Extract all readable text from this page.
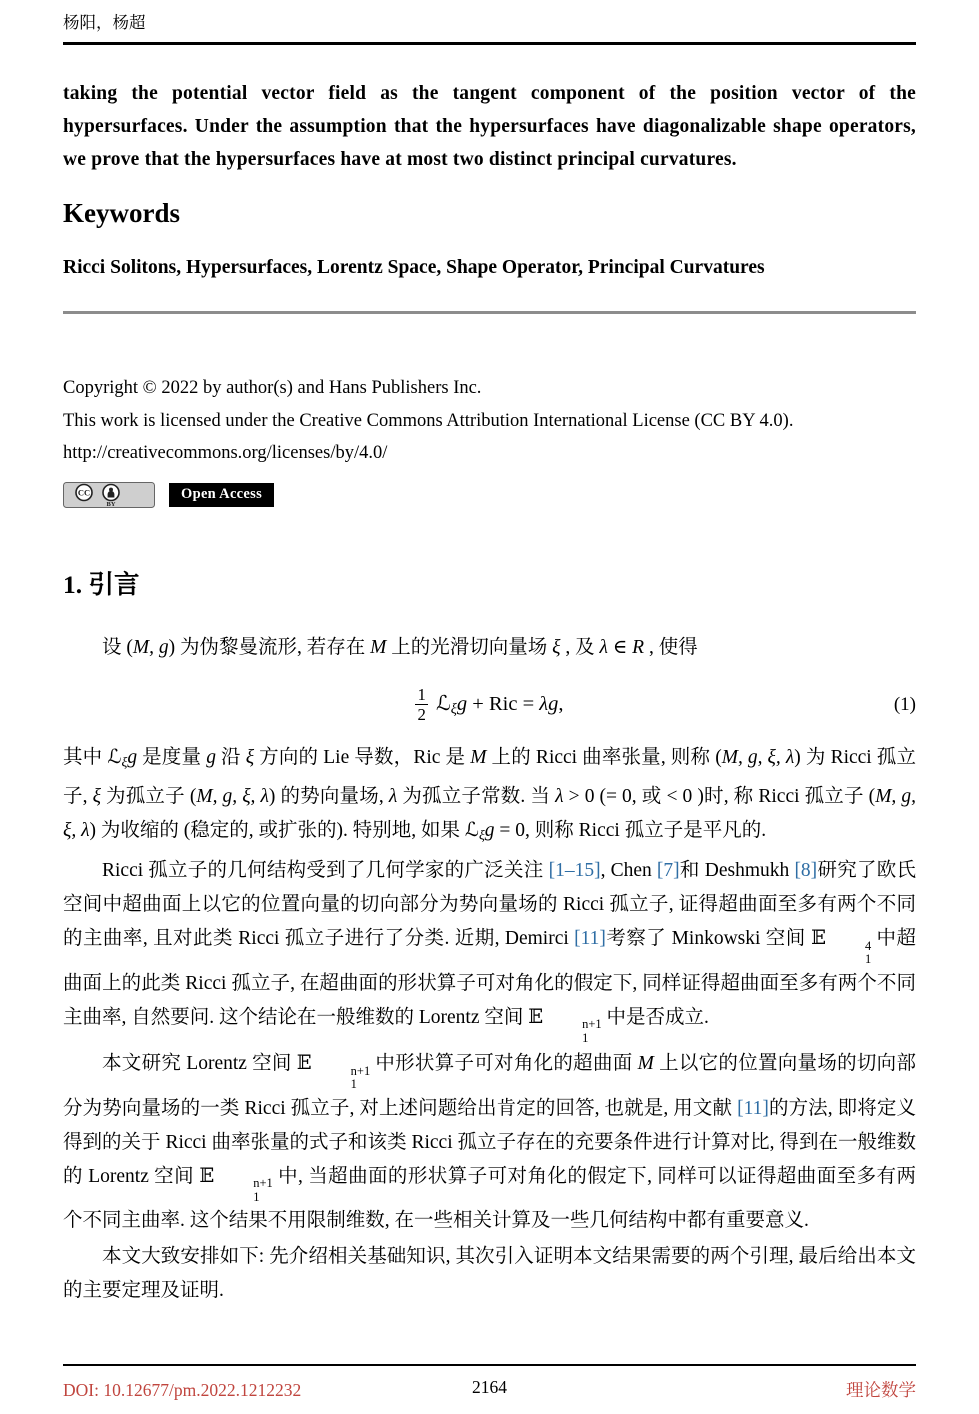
杨阳，杨超

taking the potential vector field as the tangent component of the position vector of the hypersurfaces. Under the assumption that the hypersurfaces have diagonalizable shape operators, we prove that the hypersurfaces have at most two distinct principal curvatures.

Keywords

Ricci Solitons, Hypersurfaces, Lorentz Space, Shape Operator, Principal Curvatures

Copyright © 2022 by author(s) and Hans Publishers Inc.
This work is licensed under the Creative Commons Attribution International License (CC BY 4.0).
http://creativecommons.org/licenses/by/4.0/
CC
BY
Open Access
1. 引言

设 (M, g) 为伪黎曼流形, 若存在 M 上的光滑切向量场 ξ , 及 λ ∈ R , 使得

$\frac{1}{2}$ ℒξg + Ric = λg,	(1)

其中 ℒξg 是度量 g 沿 ξ 方向的 Lie 导数，Ric 是 M 上的 Ricci 曲率张量, 则称 (M, g, ξ, λ) 为 Ricci 孤立子, ξ 为孤立子 (M, g, ξ, λ) 的势向量场, λ 为孤立子常数. 当 λ > 0 (= 0, 或 < 0 )时, 称 Ricci 孤立子 (M, g, ξ, λ) 为收缩的 (稳定的, 或扩张的). 特别地, 如果 ℒξg = 0, 则称 Ricci 孤立子是平凡的.

Ricci 孤立子的几何结构受到了几何学家的广泛关注 [1–15], Chen [7]和 Deshmukh [8]研究了欧氏空间中超曲面上以它的位置向量的切向部分为势向量场的 Ricci 孤立子, 证得超曲面至多有两个不同的主曲率, 且对此类 Ricci 孤立子进行了分类. 近期, Demirci [11]考察了 Minkowski 空间 𝔼	4
1
中超曲面上的此类 Ricci 孤立子, 在超曲面的形状算子可对角化的假定下, 同样证得超曲面至多有两个不同主曲率, 自然要问. 这个结论在一般维数的 Lorentz 空间 𝔼	n+1
1
中是否成立.

本文研究 Lorentz 空间 𝔼	n+1
1
中形状算子可对角化的超曲面 M 上以它的位置向量场的切向部分为势向量场的一类 Ricci 孤立子, 对上述问题给出肯定的回答, 也就是, 用文献 [11]的方法, 即将定义得到的关于 Ricci 曲率张量的式子和该类 Ricci 孤立子存在的充要条件进行计算对比, 得到在一般维数的 Lorentz 空间 𝔼	n+1
1
中, 当超曲面的形状算子可对角化的假定下, 同样可以证得超曲面至多有两个不同主曲率. 这个结果不用限制维数, 在一些相关计算及一些几何结构中都有重要意义.

本文大致安排如下: 先介绍相关基础知识, 其次引入证明本文结果需要的两个引理, 最后给出本文的主要定理及证明.

DOI: 10.12677/pm.2022.1212232	2164	理论数学
